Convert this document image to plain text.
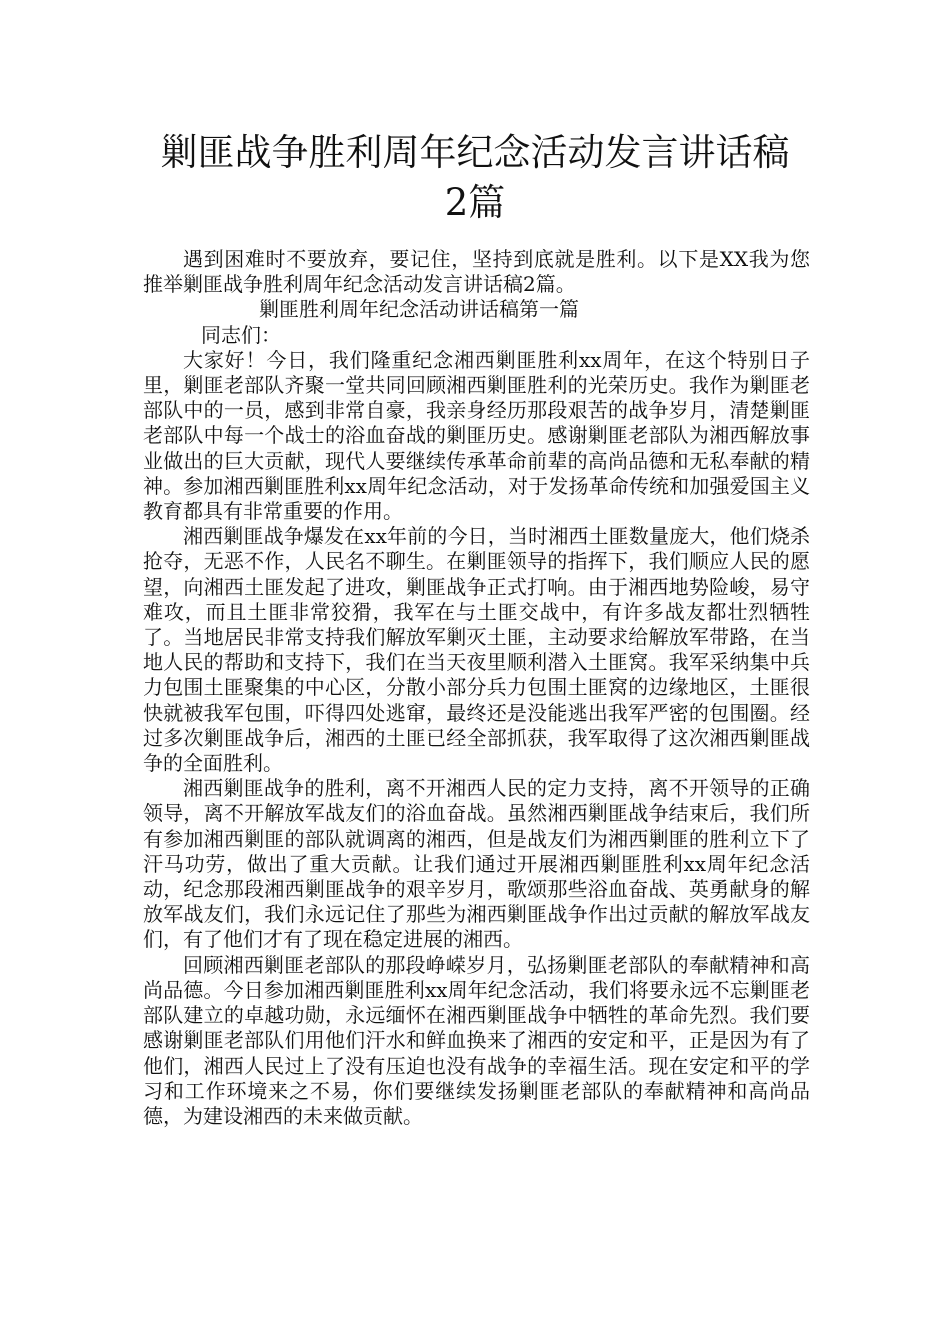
剿匪战争胜利周年纪念活动发言讲话稿2篇

遇到困难时不要放弃，要记住，坚持到底就是胜利。以下是XX我为您推举剿匪战争胜利周年纪念活动发言讲话稿2篇。

剿匪胜利周年纪念活动讲话稿第一篇

同志们：

大家好！今日，我们隆重纪念湘西剿匪胜利xx周年，在这个特别日子里，剿匪老部队齐聚一堂共同回顾湘西剿匪胜利的光荣历史。我作为剿匪老部队中的一员，感到非常自豪，我亲身经历那段艰苦的战争岁月，清楚剿匪老部队中每一个战士的浴血奋战的剿匪历史。感谢剿匪老部队为湘西解放事业做出的巨大贡献，现代人要继续传承革命前辈的高尚品德和无私奉献的精神。参加湘西剿匪胜利xx周年纪念活动，对于发扬革命传统和加强爱国主义教育都具有非常重要的作用。

湘西剿匪战争爆发在xx年前的今日，当时湘西土匪数量庞大，他们烧杀抢夺，无恶不作，人民名不聊生。在剿匪领导的指挥下，我们顺应人民的愿望，向湘西土匪发起了进攻，剿匪战争正式打响。由于湘西地势险峻，易守难攻，而且土匪非常狡猾，我军在与土匪交战中，有许多战友都壮烈牺牲了。当地居民非常支持我们解放军剿灭土匪，主动要求给解放军带路，在当地人民的帮助和支持下，我们在当天夜里顺利潜入土匪窝。我军采纳集中兵力包围土匪聚集的中心区，分散小部分兵力包围土匪窝的边缘地区，土匪很快就被我军包围，吓得四处逃窜，最终还是没能逃出我军严密的包围圈。经过多次剿匪战争后，湘西的土匪已经全部抓获，我军取得了这次湘西剿匪战争的全面胜利。

湘西剿匪战争的胜利，离不开湘西人民的定力支持，离不开领导的正确领导，离不开解放军战友们的浴血奋战。虽然湘西剿匪战争结束后，我们所有参加湘西剿匪的部队就调离的湘西，但是战友们为湘西剿匪的胜利立下了汗马功劳，做出了重大贡献。让我们通过开展湘西剿匪胜利xx周年纪念活动，纪念那段湘西剿匪战争的艰辛岁月，歌颂那些浴血奋战、英勇献身的解放军战友们，我们永远记住了那些为湘西剿匪战争作出过贡献的解放军战友们，有了他们才有了现在稳定进展的湘西。

回顾湘西剿匪老部队的那段峥嵘岁月，弘扬剿匪老部队的奉献精神和高尚品德。今日参加湘西剿匪胜利xx周年纪念活动，我们将要永远不忘剿匪老部队建立的卓越功勋，永远缅怀在湘西剿匪战争中牺牲的革命先烈。我们要感谢剿匪老部队们用他们汗水和鲜血换来了湘西的安定和平，正是因为有了他们，湘西人民过上了没有压迫也没有战争的幸福生活。现在安定和平的学习和工作环境来之不易，你们要继续发扬剿匪老部队的奉献精神和高尚品德，为建设湘西的未来做贡献。
